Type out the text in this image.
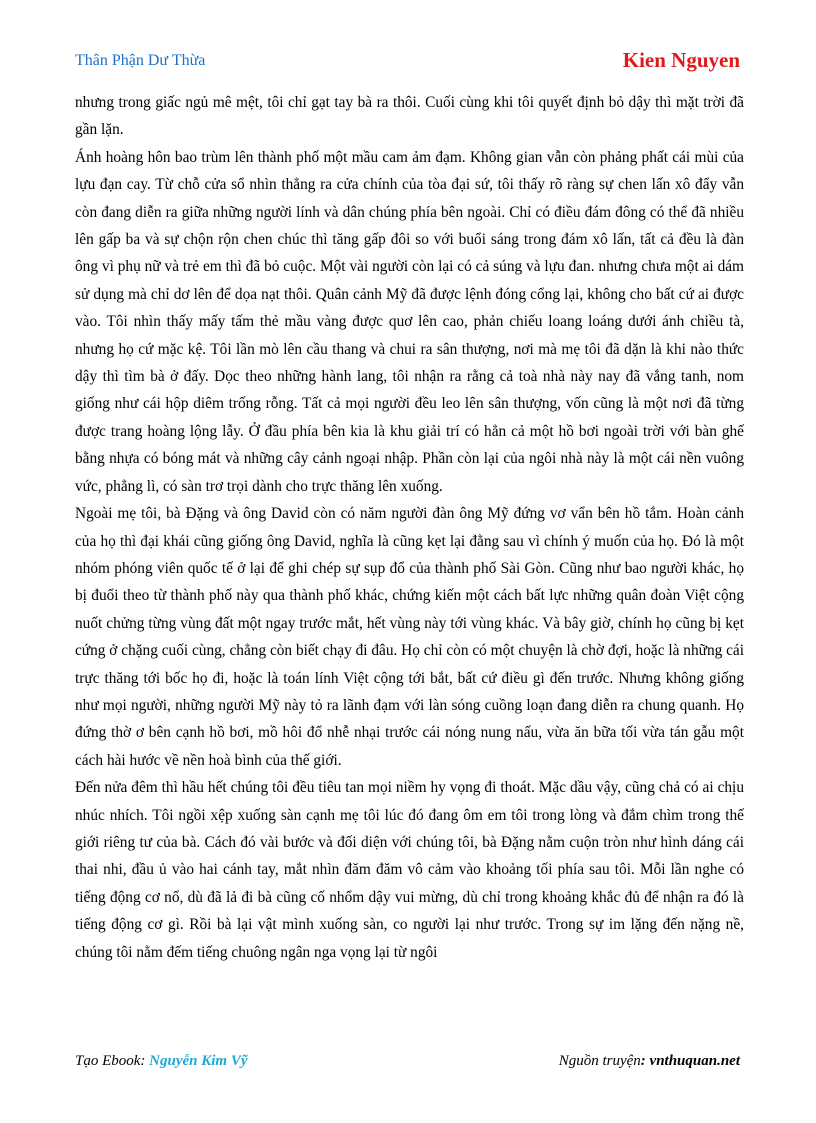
Thân Phận Dư Thừa	Kien Nguyen

nhưng trong giấc ngủ mê mệt, tôi chỉ gạt tay bà ra thôi. Cuối cùng khi tôi quyết định bỏ dậy thì mặt trời đã gần lặn.

Ánh hoàng hôn bao trùm lên thành phố một mầu cam ảm đạm. Không gian vẫn còn phảng phất cái mùi của lựu đạn cay. Từ chỗ cửa sổ nhìn thẳng ra cửa chính của tòa đại sứ, tôi thấy rõ ràng sự chen lấn xô đẩy vẫn còn đang diễn ra giữa những người lính và dân chúng phía bên ngoài. Chỉ có điều đám đông có thể đã nhiều lên gấp ba và sự chộn rộn chen chúc thì tăng gấp đôi so với buổi sáng trong đám xô lấn, tất cả đều là đàn ông vì phụ nữ và trẻ em thì đã bỏ cuộc. Một vài người còn lại có cả súng và lựu đan. nhưng chưa một ai dám sử dụng mà chỉ dơ lên để dọa nạt thôi. Quân cảnh Mỹ đã được lệnh đóng cổng lại, không cho bất cứ ai được vào. Tôi nhìn thấy mấy tấm thẻ mầu vàng được quơ lên cao, phản chiếu loang loáng dưới ánh chiều tà, nhưng họ cứ mặc kệ. Tôi lần mò lên cầu thang và chui ra sân thượng, nơi mà mẹ tôi đã dặn là khi nào thức dậy thì tìm bà ở đấy. Dọc theo những hành lang, tôi nhận ra rằng cả toà nhà này nay đã vắng tanh, nom giống như cái hộp diêm trống rỗng. Tất cả mọi người đều leo lên sân thượng, vốn cũng là một nơi đã từng được trang hoàng lộng lẫy. Ở đầu phía bên kia là khu giải trí có hẳn cả một hồ bơi ngoài trời với bàn ghế bằng nhựa có bóng mát và những cây cảnh ngoại nhập. Phần còn lại của ngôi nhà này là một cái nền vuông vức, phẳng lì, có sàn trơ trọi dành cho trực thăng lên xuống.

Ngoài mẹ tôi, bà Đặng và ông David còn có năm người đàn ông Mỹ đứng vơ vẩn bên hồ tắm. Hoàn cảnh của họ thì đại khái cũng giống ông David, nghĩa là cũng kẹt lại đằng sau vì chính ý muốn của họ. Đó là một nhóm phóng viên quốc tế ở lại để ghi chép sự sụp đổ của thành phố Sài Gòn. Cũng như bao người khác, họ bị đuổi theo từ thành phố này qua thành phố khác, chứng kiến một cách bất lực những quân đoàn Việt cộng nuốt chửng từng vùng đất một ngay trước mắt, hết vùng này tới vùng khác. Và bây giờ, chính họ cũng bị kẹt cứng ở chặng cuối cùng, chẳng còn biết chạy đi đâu. Họ chỉ còn có một chuyện là chờ đợi, hoặc là những cái trực thăng tới bốc họ đi, hoặc là toán lính Việt cộng tới bắt, bất cứ điều gì đến trước. Nhưng không giống như mọi người, những người Mỹ này tỏ ra lãnh đạm với làn sóng cuồng loạn đang diễn ra chung quanh. Họ đứng thờ ơ bên cạnh hồ bơi, mồ hôi đổ nhễ nhại trước cái nóng nung nấu, vừa ăn bữa tối vừa tán gẫu một cách hài hước về nền hoà bình của thế giới.

Đến nửa đêm thì hầu hết chúng tôi đều tiêu tan mọi niềm hy vọng đi thoát. Mặc dầu vậy, cũng chả có ai chịu nhúc nhích. Tôi ngồi xệp xuống sàn cạnh mẹ tôi lúc đó đang ôm em tôi trong lòng và đắm chìm trong thế giới riêng tư của bà. Cách đó vài bước và đối diện với chúng tôi, bà Đặng nằm cuộn tròn như hình dáng cái thai nhi, đầu ủ vào hai cánh tay, mắt nhìn đăm đăm vô cảm vào khoảng tối phía sau tôi. Mỗi lần nghe có tiếng động cơ nổ, dù đã lả đi bà cũng cố nhổm dậy vui mừng, dù chỉ trong khoảng khắc đủ để nhận ra đó là tiếng động cơ gì. Rồi bà lại vật mình xuống sàn, co người lại như trước. Trong sự im lặng đến nặng nề, chúng tôi nằm đếm tiếng chuông ngân nga vọng lại từ ngôi

Tạo Ebook: Nguyễn Kim Vỹ	Nguồn truyện: vnthuquan.net
